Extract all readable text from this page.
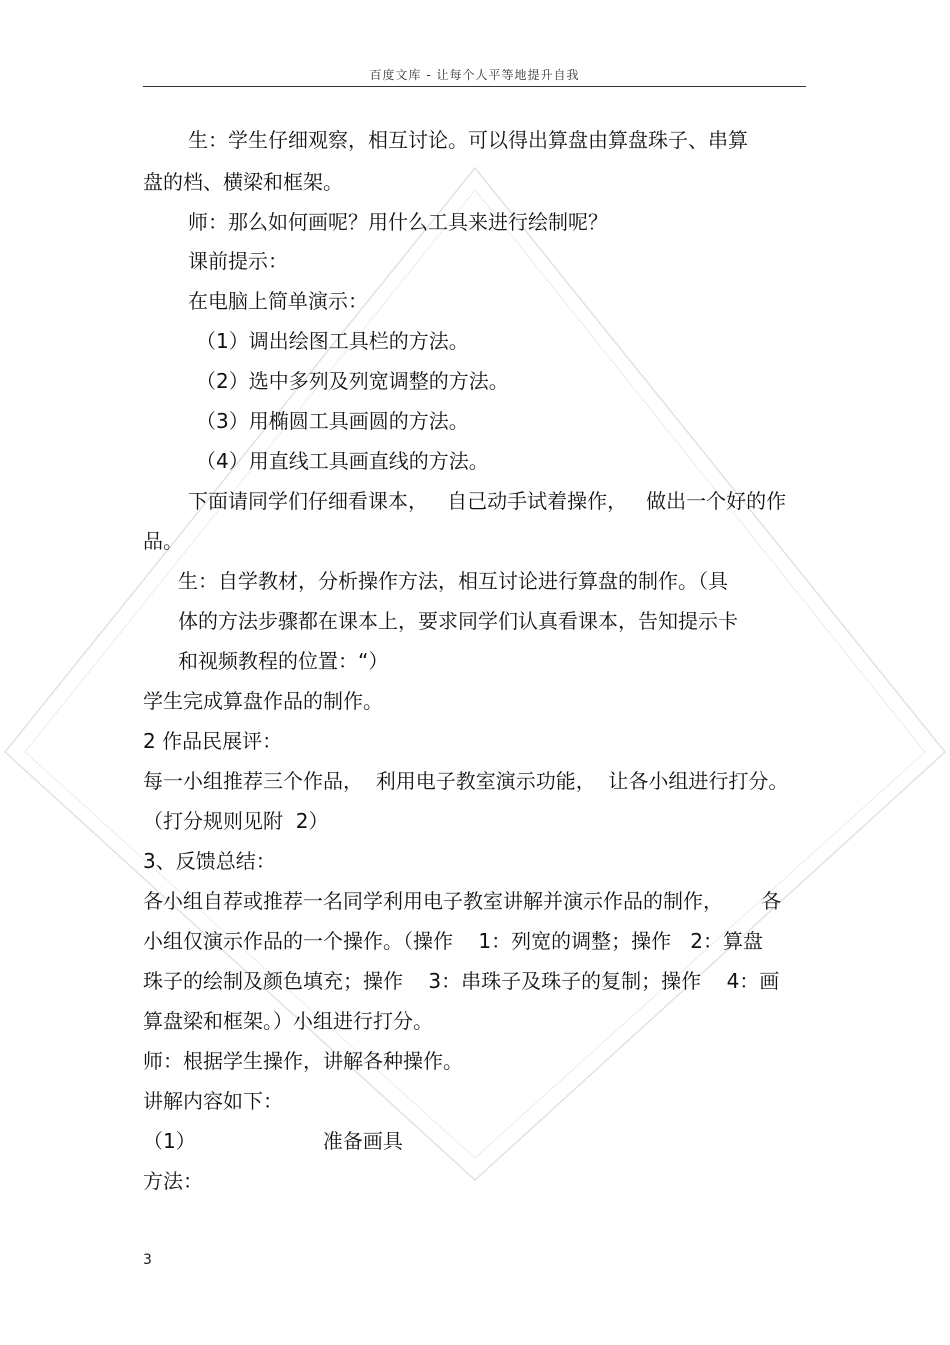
百度文库 - 让每个人平等地提升自我
生：学生仔细观察，相互讨论。可以得出算盘由算盘珠子、串算
盘的档、横梁和框架。
师：那么如何画呢？用什么工具来进行绘制呢？
课前提示：
在电脑上简单演示：
（1）调出绘图工具栏的方法。
（2）选中多列及列宽调整的方法。
（3）用椭圆工具画圆的方法。
（4）用直线工具画直线的方法。
下面请同学们仔细看课本，   自己动手试着操作，   做出一个好的作
品。
生：自学教材，分析操作方法，相互讨论进行算盘的制作。（具
体的方法步骤都在课本上，要求同学们认真看课本，告知提示卡
和视频教程的位置：“）
学生完成算盘作品的制作。
2 作品民展评：
每一小组推荐三个作品，  利用电子教室演示功能，  让各小组进行打分。
（打分规则见附  2）
3、反馈总结：
各小组自荐或推荐一名同学利用电子教室讲解并演示作品的制作，      各
小组仅演示作品的一个操作。（操作    1：列宽的调整；操作   2：算盘
珠子的绘制及颜色填充；操作    3：串珠子及珠子的复制；操作    4：画
算盘梁和框架。）小组进行打分。
师：根据学生操作，讲解各种操作。
讲解内容如下：
（1）                    准备画具
方法：
3
